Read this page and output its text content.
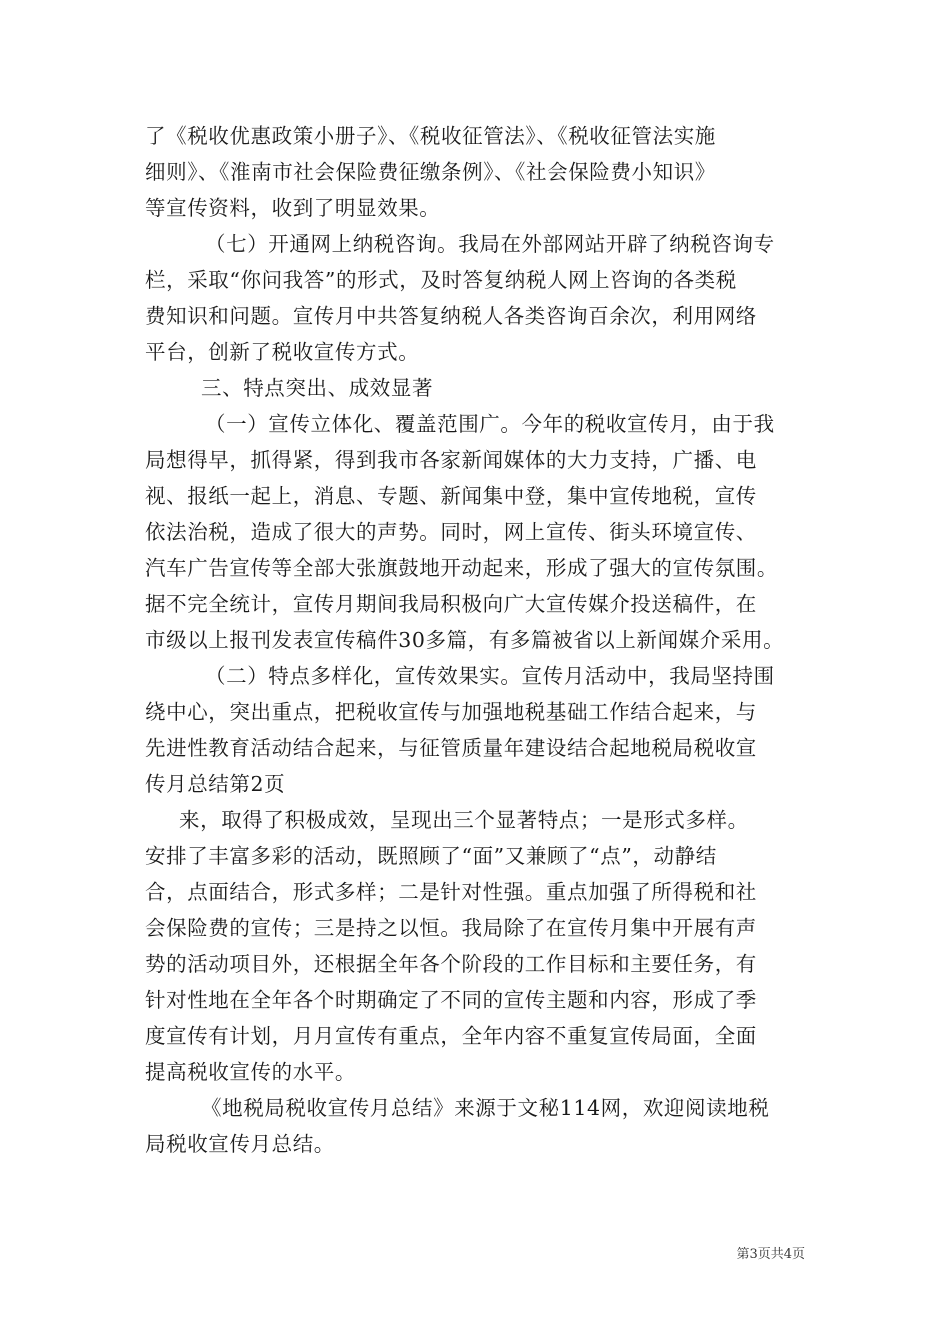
了《税收优惠政策小册子》、《税收征管法》、《税收征管法实施
细则》、《淮南市社会保险费征缴条例》、《社会保险费小知识》
等宣传资料，收到了明显效果。
（七）开通网上纳税咨询。我局在外部网站开辟了纳税咨询专
栏，采取“你问我答”的形式，及时答复纳税人网上咨询的各类税
费知识和问题。宣传月中共答复纳税人各类咨询百余次，利用网络
平台，创新了税收宣传方式。
三、特点突出、成效显著
（一）宣传立体化、覆盖范围广。今年的税收宣传月，由于我
局想得早，抓得紧，得到我市各家新闻媒体的大力支持，广播、电
视、报纸一起上，消息、专题、新闻集中登，集中宣传地税，宣传
依法治税，造成了很大的声势。同时，网上宣传、街头环境宣传、
汽车广告宣传等全部大张旗鼓地开动起来，形成了强大的宣传氛围。
据不完全统计，宣传月期间我局积极向广大宣传媒介投送稿件，在
市级以上报刊发表宣传稿件30多篇，有多篇被省以上新闻媒介采用。
（二）特点多样化，宣传效果实。宣传月活动中，我局坚持围
绕中心，突出重点，把税收宣传与加强地税基础工作结合起来，与
先进性教育活动结合起来，与征管质量年建设结合起地税局税收宣
传月总结第2页
来，取得了积极成效，呈现出三个显著特点；一是形式多样。
安排了丰富多彩的活动，既照顾了“面”又兼顾了“点”，动静结
合，点面结合，形式多样；二是针对性强。重点加强了所得税和社
会保险费的宣传；三是持之以恒。我局除了在宣传月集中开展有声
势的活动项目外，还根据全年各个阶段的工作目标和主要任务，有
针对性地在全年各个时期确定了不同的宣传主题和内容，形成了季
度宣传有计划，月月宣传有重点，全年内容不重复宣传局面，全面
提高税收宣传的水平。
《地税局税收宣传月总结》来源于文秘114网，欢迎阅读地税
局税收宣传月总结。
第3页共4页
